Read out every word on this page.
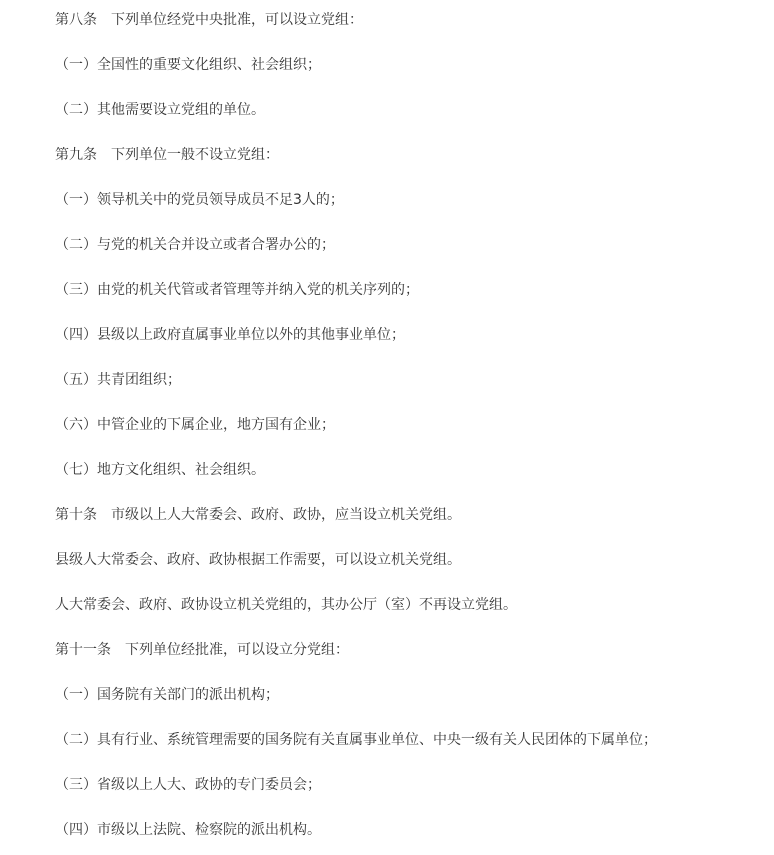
第八条　下列单位经党中央批准，可以设立党组：
（一）全国性的重要文化组织、社会组织；
（二）其他需要设立党组的单位。
第九条　下列单位一般不设立党组：
（一）领导机关中的党员领导成员不足3人的；
（二）与党的机关合并设立或者合署办公的；
（三）由党的机关代管或者管理等并纳入党的机关序列的；
（四）县级以上政府直属事业单位以外的其他事业单位；
（五）共青团组织；
（六）中管企业的下属企业，地方国有企业；
（七）地方文化组织、社会组织。
第十条　市级以上人大常委会、政府、政协，应当设立机关党组。
县级人大常委会、政府、政协根据工作需要，可以设立机关党组。
人大常委会、政府、政协设立机关党组的，其办公厅（室）不再设立党组。
第十一条　下列单位经批准，可以设立分党组：
（一）国务院有关部门的派出机构；
（二）具有行业、系统管理需要的国务院有关直属事业单位、中央一级有关人民团体的下属单位；
（三）省级以上人大、政协的专门委员会；
（四）市级以上法院、检察院的派出机构。
